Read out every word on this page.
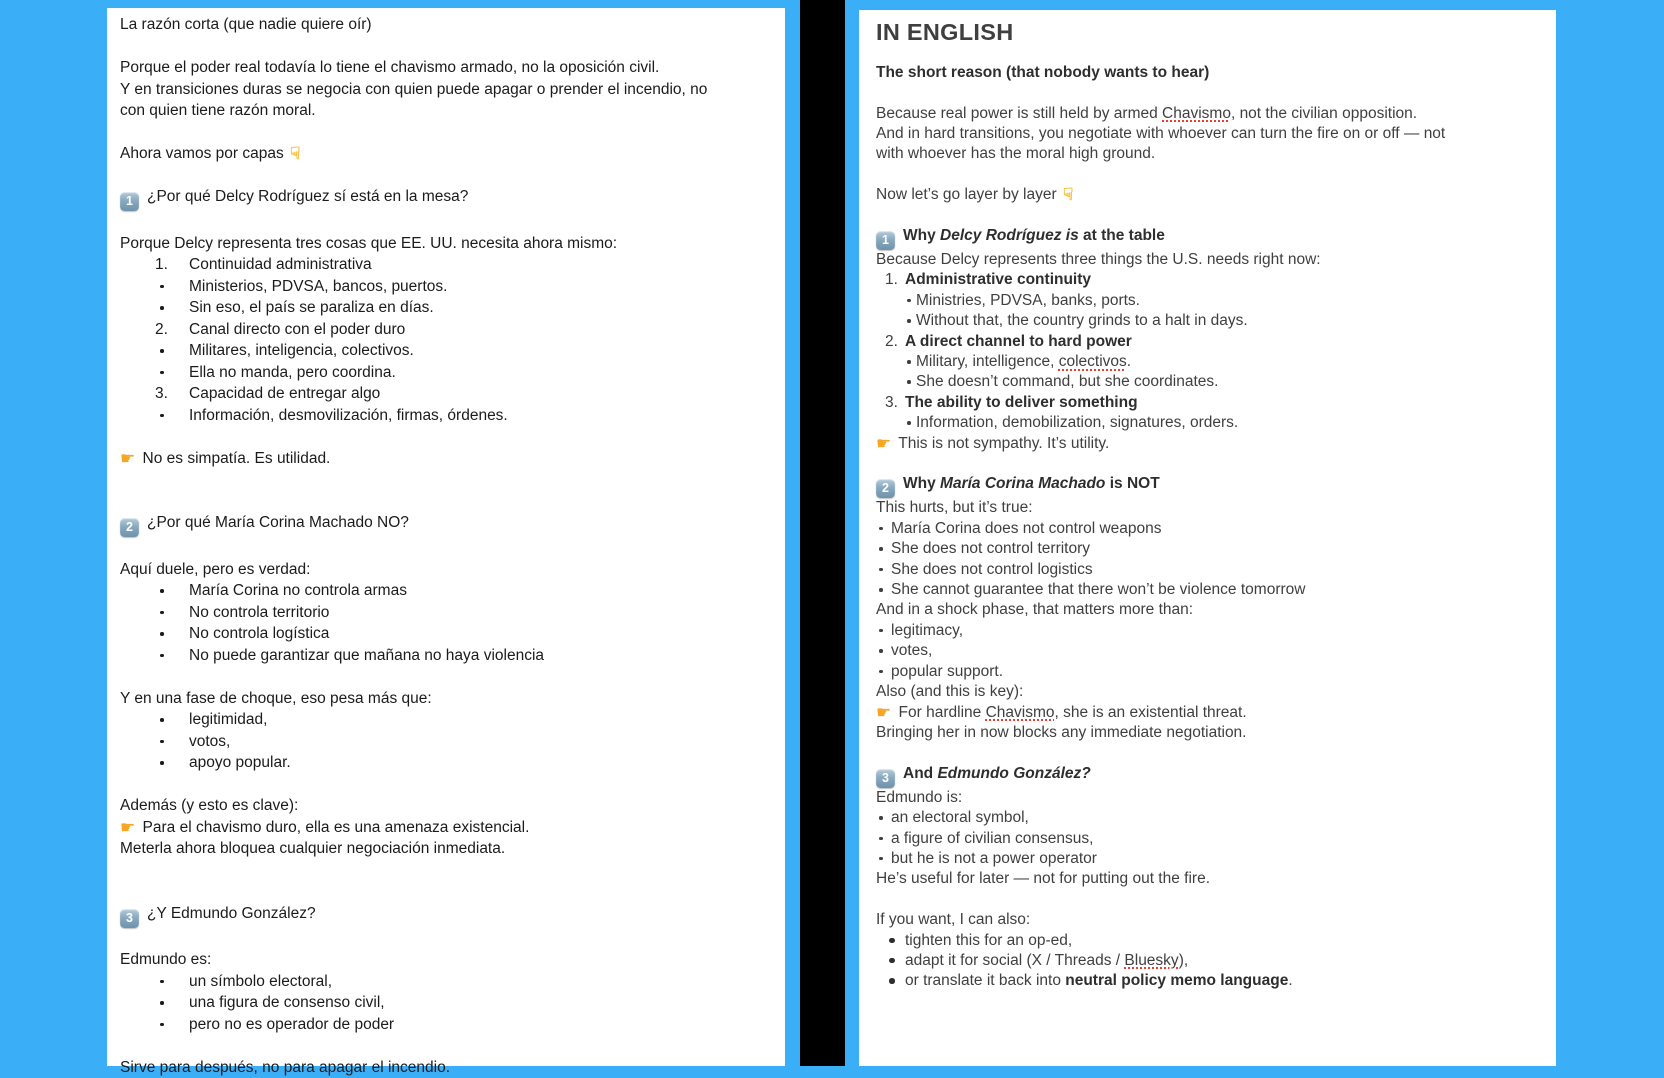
La razón corta (que nadie quiere oír)
Porque el poder real todavía lo tiene el chavismo armado, no la oposición civil.
Y en transiciones duras se negocia con quien puede apagar o prender el incendio, no
con quien tiene razón moral.
Ahora vamos por capas ☟
1 ¿Por qué Delcy Rodríguez sí está en la mesa?
Porque Delcy representa tres cosas que EE. UU. necesita ahora mismo:
1. Continuidad administrativa
Ministerios, PDVSA, bancos, puertos.
Sin eso, el país se paraliza en días.
2. Canal directo con el poder duro
Militares, inteligencia, colectivos.
Ella no manda, pero coordina.
3. Capacidad de entregar algo
Información, desmovilización, firmas, órdenes.
☛ No es simpatía. Es utilidad.
2 ¿Por qué María Corina Machado NO?
Aquí duele, pero es verdad:
María Corina no controla armas
No controla territorio
No controla logística
No puede garantizar que mañana no haya violencia
Y en una fase de choque, eso pesa más que:
legitimidad,
votos,
apoyo popular.
Además (y esto es clave):
☛ Para el chavismo duro, ella es una amenaza existencial.
Meterla ahora bloquea cualquier negociación inmediata.
3 ¿Y Edmundo González?
Edmundo es:
un símbolo electoral,
una figura de consenso civil,
pero no es operador de poder
Sirve para después, no para apagar el incendio.
IN ENGLISH
The short reason (that nobody wants to hear)
Because real power is still held by armed Chavismo, not the civilian opposition.
And in hard transitions, you negotiate with whoever can turn the fire on or off — not
with whoever has the moral high ground.
Now let’s go layer by layer ☟
1 Why Delcy Rodríguez is at the table
Because Delcy represents three things the U.S. needs right now:
1. Administrative continuity
Ministries, PDVSA, banks, ports.
Without that, the country grinds to a halt in days.
2. A direct channel to hard power
Military, intelligence, colectivos.
She doesn’t command, but she coordinates.
3. The ability to deliver something
Information, demobilization, signatures, orders.
☛ This is not sympathy. It’s utility.
2 Why María Corina Machado is NOT
This hurts, but it’s true:
María Corina does not control weapons
She does not control territory
She does not control logistics
She cannot guarantee that there won’t be violence tomorrow
And in a shock phase, that matters more than:
legitimacy,
votes,
popular support.
Also (and this is key):
☛ For hardline Chavismo, she is an existential threat.
Bringing her in now blocks any immediate negotiation.
3 And Edmundo González?
Edmundo is:
an electoral symbol,
a figure of civilian consensus,
but he is not a power operator
He’s useful for later — not for putting out the fire.
If you want, I can also:
tighten this for an op-ed,
adapt it for social (X / Threads / Bluesky),
or translate it back into neutral policy memo language.
